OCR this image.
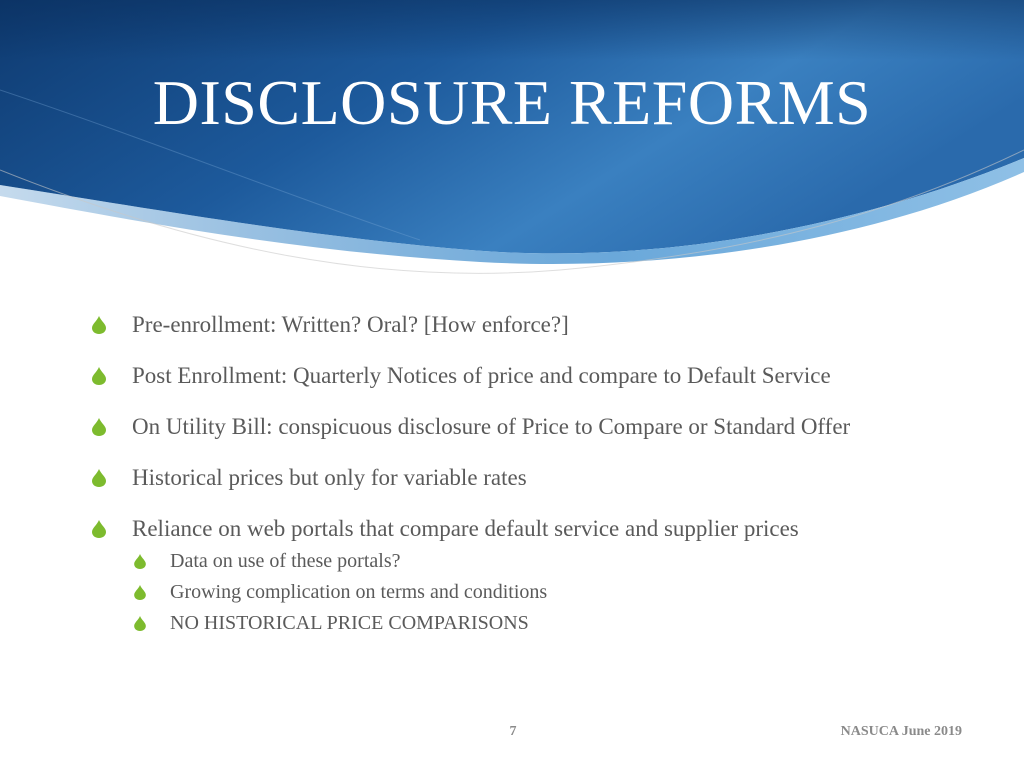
DISCLOSURE REFORMS
Pre-enrollment: Written? Oral? [How enforce?]
Post Enrollment: Quarterly Notices of price and compare to Default Service
On Utility Bill: conspicuous disclosure of Price to Compare or Standard Offer
Historical prices but only for variable rates
Reliance on web portals that compare default service and supplier prices
Data on use of these portals?
Growing complication on terms and conditions
NO HISTORICAL PRICE COMPARISONS
7	NASUCA June 2019
